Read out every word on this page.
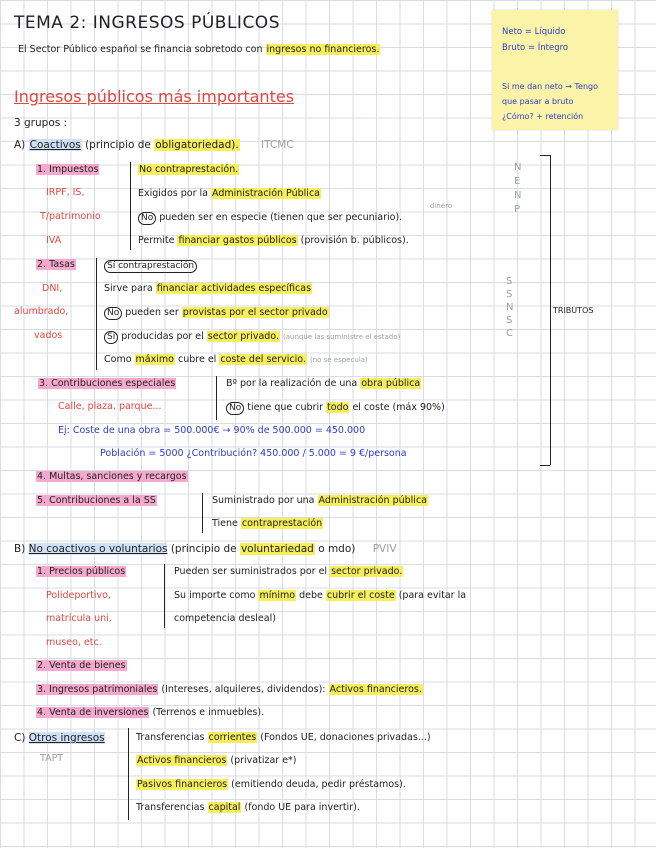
TEMA 2: INGRESOS PÚBLICOS
El Sector Público español se financia sobretodo con ingresos no financieros.
Neto = Líquido
Bruto = Íntegro
Si me dan neto → Tengo
que pasar a bruto
¿Cómo? + retención
Ingresos públicos más importantes
3 grupos :
A) Coactivos (principio de obligatoriedad). ITCMC
1. Impuestos
IRPF, IS,
T/patrimonio
IVA
No contraprestación.
Exigidos por la Administración Pública
dinero
No pueden ser en especie (tienen que ser pecuniario).
Permite financiar gastos públicos (provisión b. públicos).
N
E
N
P
2. Tasas
DNI,
alumbrado,
vados
Sí contraprestación
Sirve para financiar actividades específicas
No pueden ser provistas por el sector privado
Sí producidas por el sector privado. (aunque las suministre el estado)
Como máximo cubre el coste del servicio. (no se especula)
S
S
N
S
C
TRIBUTOS
3. Contribuciones especiales
Calle, plaza, parque...
Bº por la realización de una obra pública
No tiene que cubrir todo el coste (máx 90%)
Ej: Coste de una obra = 500.000€ → 90% de 500.000 = 450.000
Población = 5000 ¿Contribución? 450.000 / 5.000 = 9 €/persona
4. Multas, sanciones y recargos
5. Contribuciones a la SS	Suministrado por una Administración pública
Tiene contraprestación
B) No coactivos o voluntarios (principio de voluntariedad o mdo) PVIV
1. Precios públicos
Polideportivo,
matrícula uni,
museo, etc.
Pueden ser suministrados por el sector privado.
Su importe como mínimo debe cubrir el coste (para evitar la
competencia desleal)
2. Venta de bienes
3. Ingresos patrimoniales (Intereses, alquileres, dividendos): Activos financieros.
4. Venta de inversiones (Terrenos e inmuebles).
C) Otros ingresos
TAPT
Transferencias corrientes (Fondos UE, donaciones privadas...)
Activos financieros (privatizar e*)
Pasivos financieros (emitiendo deuda, pedir préstamos).
Transferencias capital (fondo UE para invertir).
